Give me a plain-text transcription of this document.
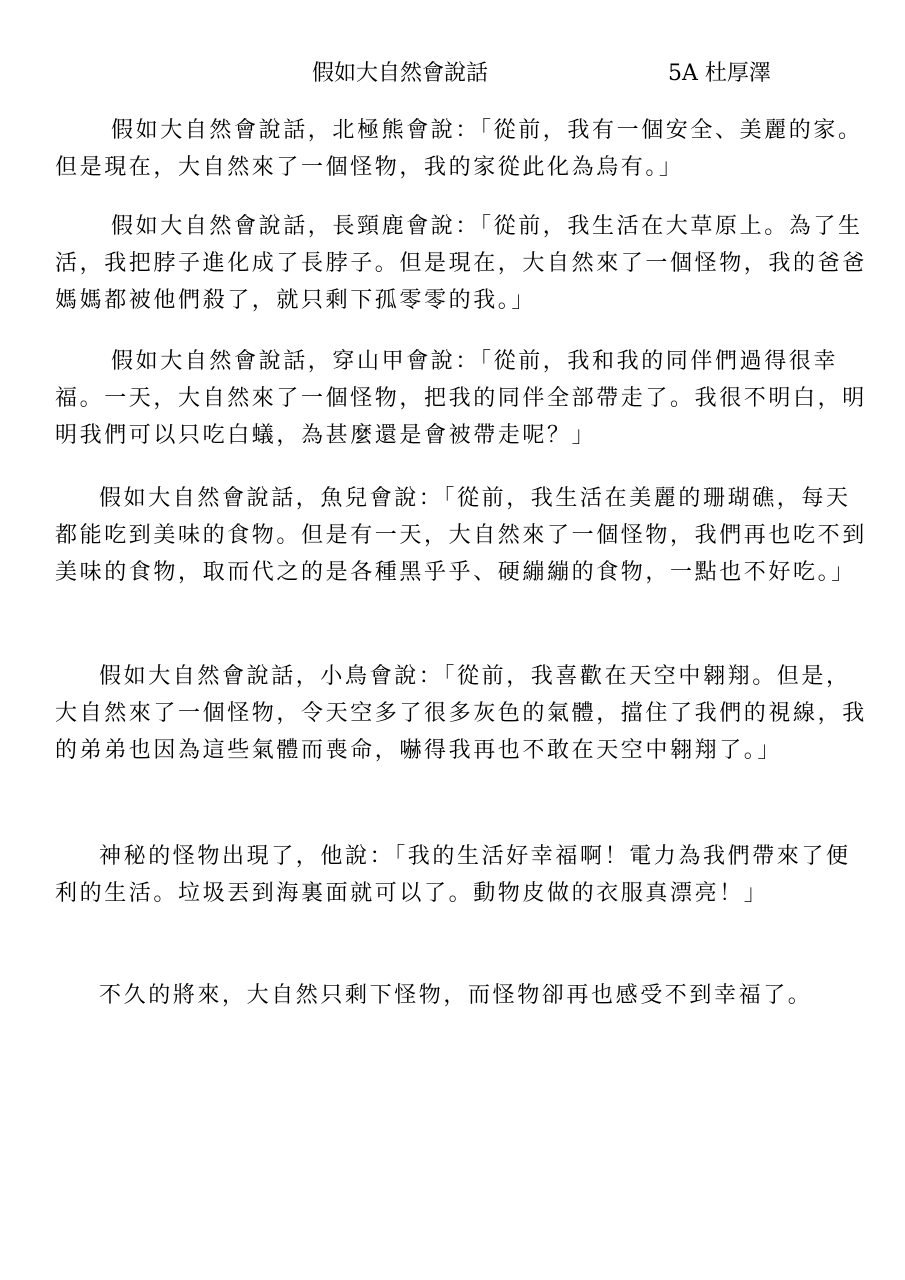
假如大自然會說話	5A 杜厚澤

假如大自然會說話，北極熊會說：「從前，我有一個安全、美麗的家。但是現在，大自然來了一個怪物，我的家從此化為烏有。」

假如大自然會說話，長頸鹿會說：「從前，我生活在大草原上。為了生活，我把脖子進化成了長脖子。但是現在，大自然來了一個怪物，我的爸爸媽媽都被他們殺了，就只剩下孤零零的我。」

假如大自然會說話，穿山甲會說：「從前，我和我的同伴們過得很幸福。一天，大自然來了一個怪物，把我的同伴全部帶走了。我很不明白，明明我們可以只吃白蟻，為甚麼還是會被帶走呢？」

假如大自然會說話，魚兒會說：「從前，我生活在美麗的珊瑚礁，每天都能吃到美味的食物。但是有一天，大自然來了一個怪物，我們再也吃不到美味的食物，取而代之的是各種黑乎乎、硬繃繃的食物，一點也不好吃。」

假如大自然會說話，小鳥會說：「從前，我喜歡在天空中翱翔。但是，大自然來了一個怪物，令天空多了很多灰色的氣體，擋住了我們的視線，我的弟弟也因為這些氣體而喪命，嚇得我再也不敢在天空中翱翔了。」

神秘的怪物出現了，他說：「我的生活好幸福啊！電力為我們帶來了便利的生活。垃圾丟到海裏面就可以了。動物皮做的衣服真漂亮！」

不久的將來，大自然只剩下怪物，而怪物卻再也感受不到幸福了。
